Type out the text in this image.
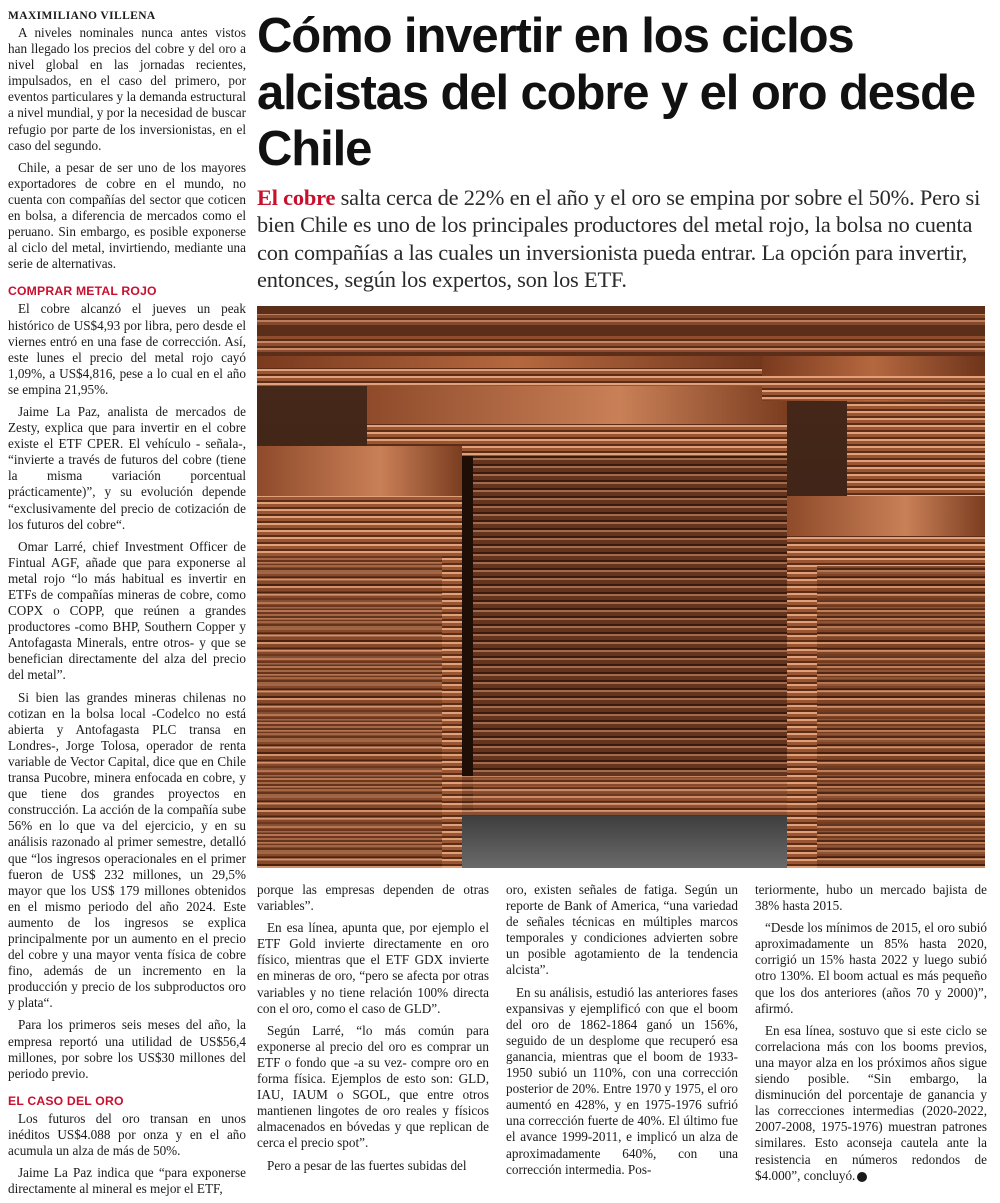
MAXIMILIANO VILLENA

A niveles nominales nunca antes vistos han llegado los precios del cobre y del oro a nivel global en las jornadas recientes, impulsados, en el caso del primero, por eventos particulares y la demanda estructural a nivel mundial, y por la necesidad de buscar refugio por parte de los inversionistas, en el caso del segundo.

Chile, a pesar de ser uno de los mayores exportadores de cobre en el mundo, no cuenta con compañías del sector que coticen en bolsa, a diferencia de mercados como el peruano. Sin embargo, es posible exponerse al ciclo del metal, invirtiendo, mediante una serie de alternativas.

COMPRAR METAL ROJO

El cobre alcanzó el jueves un peak histórico de US$4,93 por libra, pero desde el viernes entró en una fase de corrección. Así, este lunes el precio del metal rojo cayó 1,09%, a US$4,816, pese a lo cual en el año se empina 21,95%.

Jaime La Paz, analista de mercados de Zesty, explica que para invertir en el cobre existe el ETF CPER. El vehículo - señala-, “invierte a través de futuros del cobre (tiene la misma variación porcentual prácticamente)”, y su evolución depende “exclusivamente del precio de cotización de los futuros del cobre“.

Omar Larré, chief Investment Officer de Fintual AGF, añade que para exponerse al metal rojo “lo más habitual es invertir en ETFs de compañías mineras de cobre, como COPX o COPP, que reúnen a grandes productores -como BHP, Southern Copper y Antofagasta Minerals, entre otros- y que se benefician directamente del alza del precio del metal”.

Si bien las grandes mineras chilenas no cotizan en la bolsa local -Codelco no está abierta y Antofagasta PLC transa en Londres-, Jorge Tolosa, operador de renta variable de Vector Capital, dice que en Chile transa Pucobre, minera enfocada en cobre, y que tiene dos grandes proyectos en construcción. La acción de la compañía sube 56% en lo que va del ejercicio, y en su análisis razonado al primer semestre, detalló que “los ingresos operacionales en el primer fueron de US$ 232 millones, un 29,5% mayor que los US$ 179 millones obtenidos en el mismo periodo del año 2024. Este aumento de los ingresos se explica principalmente por un aumento en el precio del cobre y una mayor venta física de cobre fino, además de un incremento en la producción y precio de los subproductos oro y plata“.

Para los primeros seis meses del año, la empresa reportó una utilidad de US$56,4 millones, por sobre los US$30 millones del periodo previo.

EL CASO DEL ORO

Los futuros del oro transan en unos inéditos US$4.088 por onza y en el año acumula un alza de más de 50%.

Jaime La Paz indica que “para exponerse directamente al mineral es mejor el ETF,

Cómo invertir en los ciclos alcistas del cobre y el oro desde Chile

El cobre salta cerca de 22% en el año y el oro se empina por sobre el 50%. Pero si bien Chile es uno de los principales productores del metal rojo, la bolsa no cuenta con compañías a las cuales un inversionista pueda entrar. La opción para invertir, entonces, según los expertos, son los ETF.

porque las empresas dependen de otras variables”.

En esa línea, apunta que, por ejemplo el ETF Gold invierte directamente en oro físico, mientras que el ETF GDX invierte en mineras de oro, “pero se afecta por otras variables y no tiene relación 100% directa con el oro, como el caso de GLD”.

Según Larré, “lo más común para exponerse al precio del oro es comprar un ETF o fondo que -a su vez- compre oro en forma física. Ejemplos de esto son: GLD, IAU, IAUM o SGOL, que entre otros mantienen lingotes de oro reales y físicos almacenados en bóvedas y que replican de cerca el precio spot”.

Pero a pesar de las fuertes subidas del

oro, existen señales de fatiga. Según un reporte de Bank of America, “una variedad de señales técnicas en múltiples marcos temporales y condiciones advierten sobre un posible agotamiento de la tendencia alcista”.

En su análisis, estudió las anteriores fases expansivas y ejemplificó con que el boom del oro de 1862-1864 ganó un 156%, seguido de un desplome que recuperó esa ganancia, mientras que el boom de 1933-1950 subió un 110%, con una corrección posterior de 20%. Entre 1970 y 1975, el oro aumentó en 428%, y en 1975-1976 sufrió una corrección fuerte de 40%. El último fue el avance 1999-2011, e implicó un alza de aproximadamente 640%, con una corrección intermedia. Pos-

teriormente, hubo un mercado bajista de 38% hasta 2015.

“Desde los mínimos de 2015, el oro subió aproximadamente un 85% hasta 2020, corrigió un 15% hasta 2022 y luego subió otro 130%. El boom actual es más pequeño que los dos anteriores (años 70 y 2000)”, afirmó.

En esa línea, sostuvo que si este ciclo se correlaciona más con los booms previos, una mayor alza en los próximos años sigue siendo posible. “Sin embargo, la disminución del porcentaje de ganancia y las correcciones intermedias (2020-2022, 2007-2008, 1975-1976) muestran patrones similares. Esto aconseja cautela ante la resistencia en números redondos de $4.000”, concluyó. P
